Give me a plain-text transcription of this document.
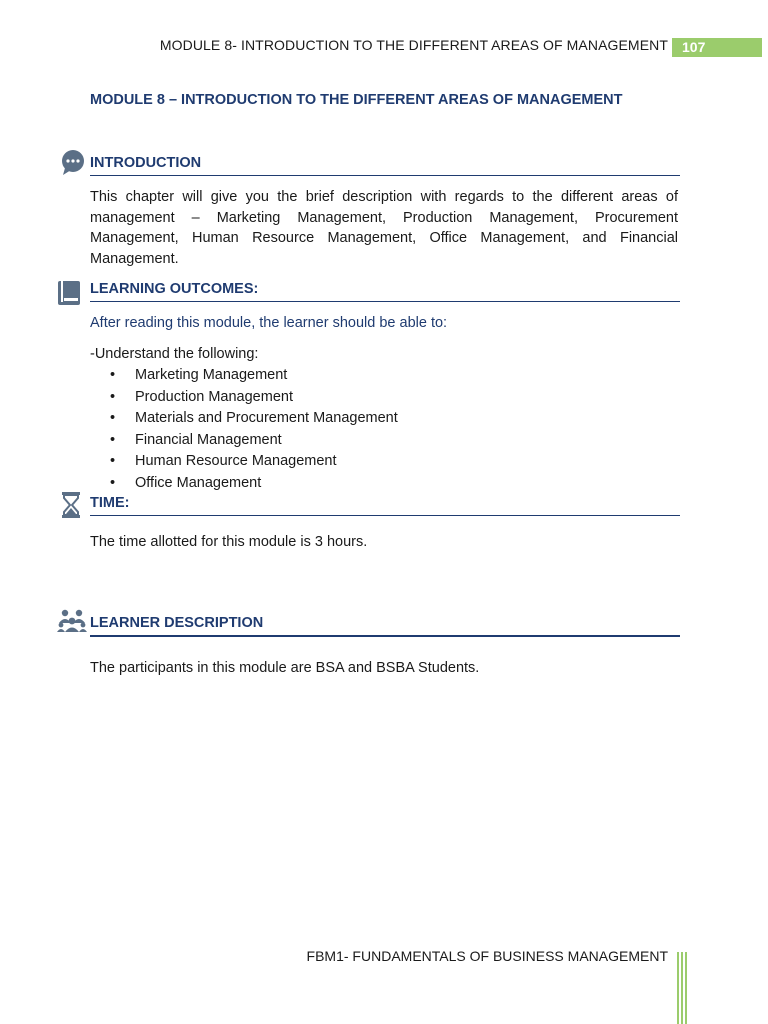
MODULE 8- INTRODUCTION TO THE DIFFERENT AREAS OF MANAGEMENT	107
MODULE 8 – INTRODUCTION TO THE DIFFERENT AREAS OF MANAGEMENT
INTRODUCTION
This chapter will give you the brief description with regards to the different areas of management – Marketing Management, Production Management, Procurement Management, Human Resource Management, Office Management, and Financial Management.
LEARNING OUTCOMES:
After reading this module, the learner should be able to:
-Understand the following:
• Marketing Management
• Production Management
• Materials and Procurement Management
• Financial Management
• Human Resource Management
• Office Management
TIME:
The time allotted for this module is 3 hours.
LEARNER DESCRIPTION
The participants in this module are BSA and BSBA Students.
FBM1- FUNDAMENTALS OF BUSINESS MANAGEMENT
